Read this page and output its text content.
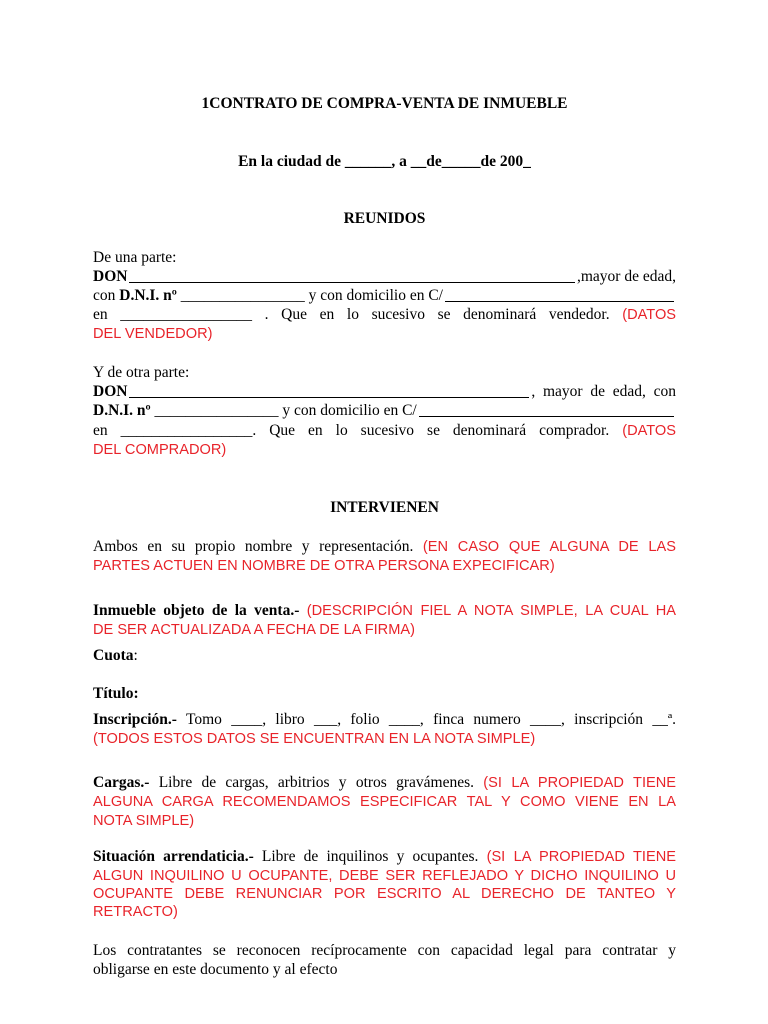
1CONTRATO DE COMPRA-VENTA DE INMUEBLE
En la ciudad de ______, a __de_____de 200_
REUNIDOS
De una parte:
DON	,mayor de edad,
con
D.N.I. nº
________________
y con domicilio en C/
en _________________ . Que en lo sucesivo se denominará vendedor. (DATOS
DEL VENDEDOR)
Y de otra parte:
DON	,  mayor  de  edad,  con
D.N.I. nº
________________
y con domicilio en C/
en _________________. Que en lo sucesivo se denominará comprador. (DATOS
DEL COMPRADOR)
INTERVIENEN
Ambos en su propio nombre y representación. (EN CASO QUE ALGUNA DE LAS
PARTES ACTUEN EN NOMBRE DE OTRA PERSONA EXPECIFICAR)
Inmueble objeto de la venta.- (DESCRIPCIÓN FIEL A NOTA SIMPLE, LA CUAL HA
DE SER ACTUALIZADA A FECHA DE LA FIRMA)
Cuota:
Título:
Inscripción.- Tomo ____, libro ___, folio ____, finca numero ____, inscripción __ª.
(TODOS ESTOS DATOS SE ENCUENTRAN EN LA NOTA SIMPLE)
Cargas.- Libre de cargas, arbitrios y otros gravámenes. (SI LA PROPIEDAD TIENE
ALGUNA CARGA RECOMENDAMOS ESPECIFICAR TAL Y COMO VIENE EN LA
NOTA SIMPLE)
Situación arrendaticia.- Libre de inquilinos y ocupantes. (SI LA PROPIEDAD TIENE
ALGUN INQUILINO U OCUPANTE, DEBE SER REFLEJADO Y DICHO INQUILINO U
OCUPANTE DEBE RENUNCIAR POR ESCRITO AL DERECHO DE TANTEO Y
RETRACTO)
Los contratantes se reconocen recíprocamente con capacidad legal para contratar y
obligarse en este documento y al efecto
